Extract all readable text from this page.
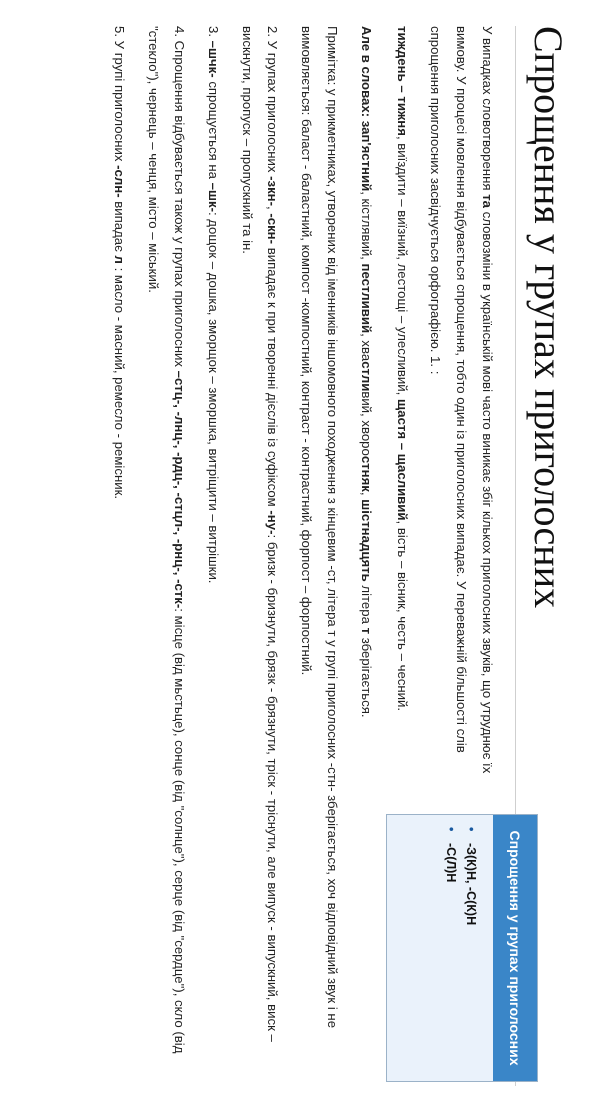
Спрощення у групах приголосних

У випадках словотворення та словозміни в українській мові часто виникає збіг кількох приголосних звуків, що утруднює їх вимову. У процесі мовлення відбувається спрощення, тобто один із приголосних випадає. У переважній більшості слів спрощення приголосних засвідчується орфографією. 1. :

тиждень – тижня, виїздити – виїзний, лестощі – улесливий, щастя – щасливий, вість – вісник, честь – чесний.

Але в словах: зап'ястний, кістлявий, пестливий, хвастливий, хворостняк, шістнадцять літера т зберігається.

Примітка: у прикметниках, утворених від іменників іншомовного походження з кінцевим -ст, літера т у групі приголосних -стн- зберігається, хоч відповідний звук і не вимовляється: баласт - баластний, компост -компостний, контраст - контрастний, форпост – форпостний.

2. У групах приголосних -зкн-, -скн- випадає к при творенні дієслів із суфіксом -ну-: бризк - бризнути, брязк - брязнути, тріск - тріснути, але випуск - випускний, виск – вискнути, пропуск – пропускний та ін.

3. –шчк- спрощується на –шк-: дощок – дошка, зморщок – зморшка, витріщити – витрішки.

4. Спрощення відбувається також у групах приголосних –стц-, -лнц-, -рдц-, -стцл-, -рнц-, -стк-: місце (від мьстьце), сонце (від "солнце"), серце (від "сердце"), скло (від "стекло"), чернець – ченця, місто – міський.

5. У групі приголосних -слн- випадає л : масло - масний, ремесло - ремісник.

Спрощення у групах приголосних
•
-З(К)Н, -С(К)Н
•
-С(Л)Н
